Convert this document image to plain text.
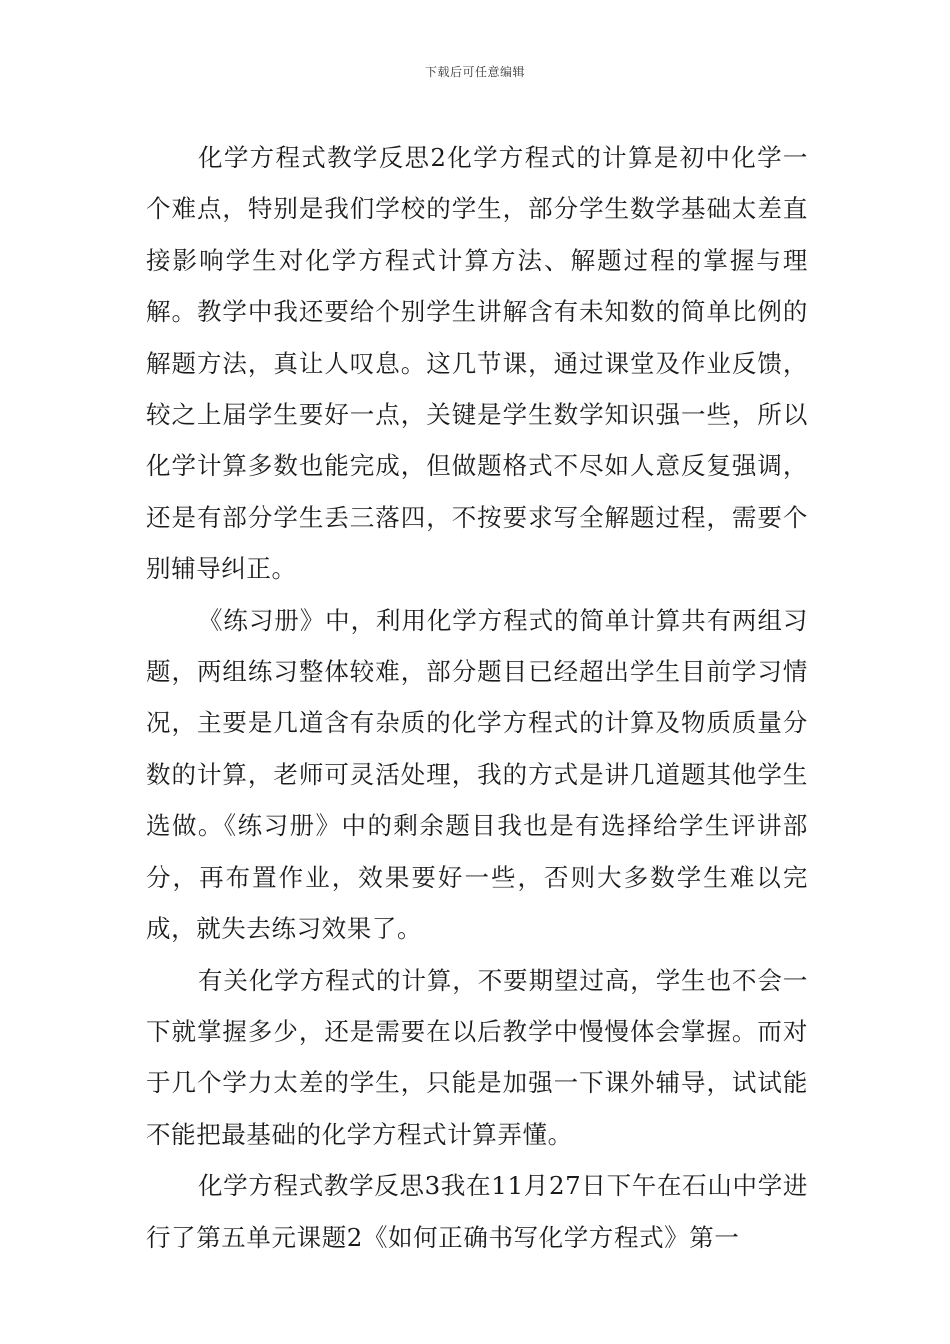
下载后可任意编辑

化学方程式教学反思2化学方程式的计算是初中化学一个难点，特别是我们学校的学生，部分学生数学基础太差直接影响学生对化学方程式计算方法、解题过程的掌握与理解。教学中我还要给个别学生讲解含有未知数的简单比例的解题方法，真让人叹息。这几节课，通过课堂及作业反馈，较之上届学生要好一点，关键是学生数学知识强一些，所以化学计算多数也能完成，但做题格式不尽如人意反复强调，还是有部分学生丢三落四，不按要求写全解题过程，需要个别辅导纠正。

《练习册》中，利用化学方程式的简单计算共有两组习题，两组练习整体较难，部分题目已经超出学生目前学习情况，主要是几道含有杂质的化学方程式的计算及物质质量分数的计算，老师可灵活处理，我的方式是讲几道题其他学生选做。《练习册》中的剩余题目我也是有选择给学生评讲部分，再布置作业，效果要好一些，否则大多数学生难以完成，就失去练习效果了。

有关化学方程式的计算，不要期望过高，学生也不会一下就掌握多少，还是需要在以后教学中慢慢体会掌握。而对于几个学力太差的学生，只能是加强一下课外辅导，试试能不能把最基础的化学方程式计算弄懂。

化学方程式教学反思3我在11月27日下午在石山中学进行了第五单元课题2《如何正确书写化学方程式》第一
